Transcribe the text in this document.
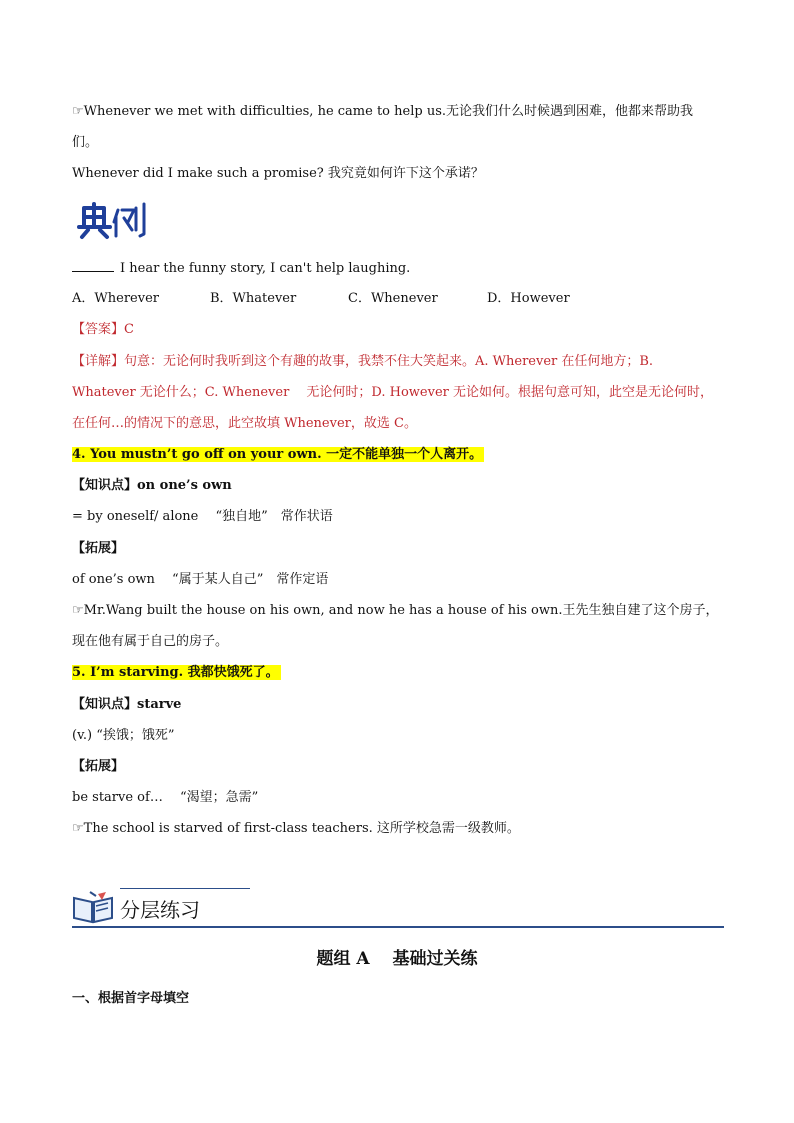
☞Whenever we met with difficulties, he came to help us.无论我们什么时候遇到困难，他都来帮助我
们。
Whenever did I make such a promise? 我究竟如何许下这个承诺？
I hear the funny story, I can't help laughing.
A．Wherever	B．Whatever	C．Whenever	D．However
【答案】C
【详解】句意：无论何时我听到这个有趣的故事，我禁不住大笑起来。A. Wherever 在任何地方；B.
Whatever 无论什么；C. Whenever　 无论何时；D. However 无论如何。根据句意可知，此空是无论何时，
在任何…的情况下的意思，此空故填 Whenever，故选 C。
4. You mustn’t go off on your own. 一定不能单独一个人离开。
【知识点】on one’s own
= by oneself/ alone　 “独自地”　常作状语
【拓展】
of one’s own　 “属于某人自己”　常作定语
☞Mr.Wang built the house on his own, and now he has a house of his own.王先生独自建了这个房子，
现在他有属于自己的房子。
5. I’m starving. 我都快饿死了。
【知识点】starve
(v.) “挨饿；饿死”
【拓展】
be starve of…　 “渴望；急需”
☞The school is starved of first-class teachers. 这所学校急需一级教师。
分层练习
题组 A　 基础过关练
一、根据首字母填空
